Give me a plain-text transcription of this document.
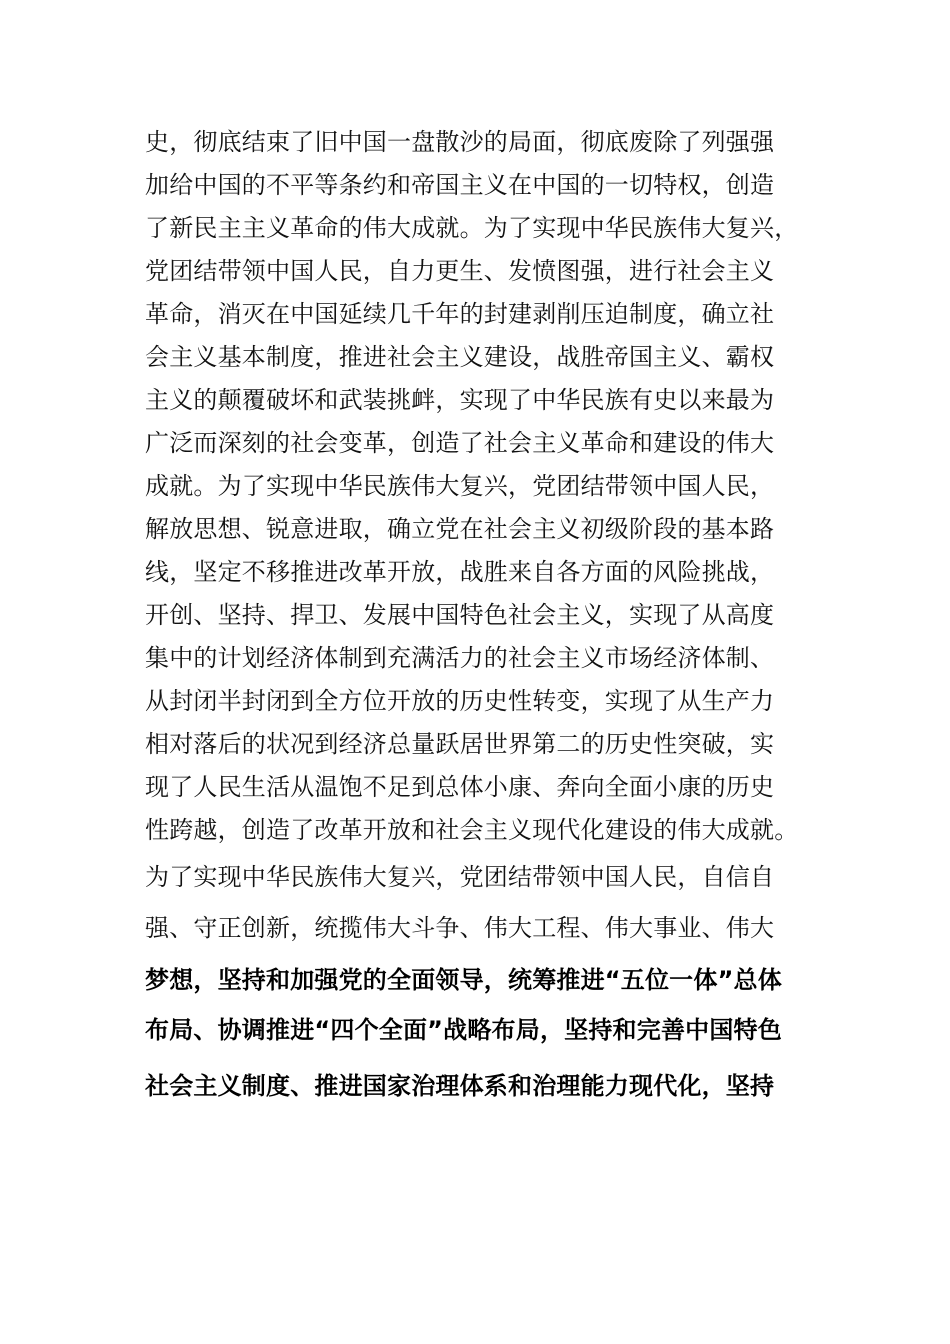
史，彻底结束了旧中国一盘散沙的局面，彻底废除了列强强
加给中国的不平等条约和帝国主义在中国的一切特权，创造
了新民主主义革命的伟大成就。为了实现中华民族伟大复兴，
党团结带领中国人民，自力更生、发愤图强，进行社会主义
革命，消灭在中国延续几千年的封建剥削压迫制度，确立社
会主义基本制度，推进社会主义建设，战胜帝国主义、霸权
主义的颠覆破坏和武装挑衅，实现了中华民族有史以来最为
广泛而深刻的社会变革，创造了社会主义革命和建设的伟大
成就。为了实现中华民族伟大复兴，党团结带领中国人民，
解放思想、锐意进取，确立党在社会主义初级阶段的基本路
线，坚定不移推进改革开放，战胜来自各方面的风险挑战，
开创、坚持、捍卫、发展中国特色社会主义，实现了从高度
集中的计划经济体制到充满活力的社会主义市场经济体制、
从封闭半封闭到全方位开放的历史性转变，实现了从生产力
相对落后的状况到经济总量跃居世界第二的历史性突破，实
现了人民生活从温饱不足到总体小康、奔向全面小康的历史
性跨越，创造了改革开放和社会主义现代化建设的伟大成就。
为了实现中华民族伟大复兴，党团结带领中国人民，自信自
强、守正创新，统揽伟大斗争、伟大工程、伟大事业、伟大
梦想，坚持和加强党的全面领导，统筹推进“五位一体”总体
布局、协调推进“四个全面”战略布局，坚持和完善中国特色
社会主义制度、推进国家治理体系和治理能力现代化，坚持
